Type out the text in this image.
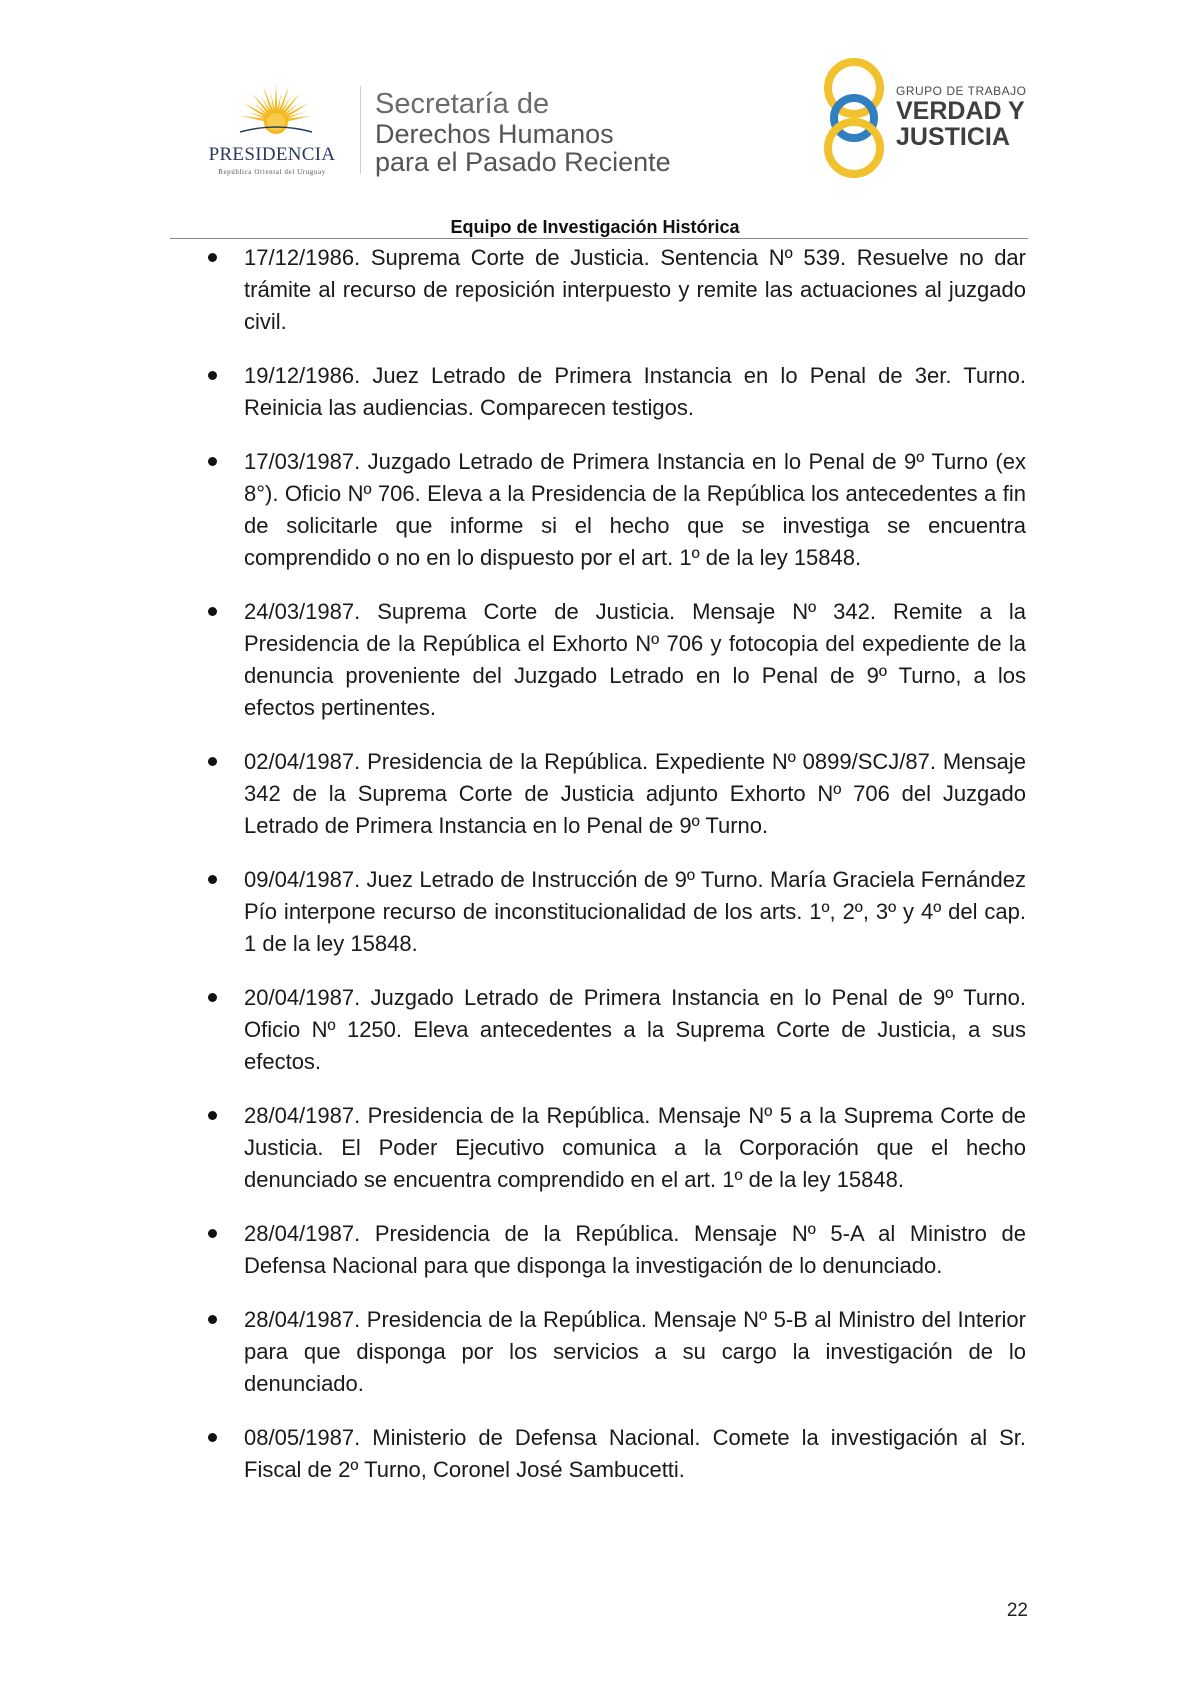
PRESIDENCIA
República Oriental del Uruguay
Secretaría de
Derechos Humanos
para el Pasado Reciente
GRUPO DE TRABAJO
VERDAD Y
JUSTICIA
Equipo de Investigación Histórica
17/12/1986. Suprema Corte de Justicia. Sentencia Nº 539. Resuelve no dar trámite al recurso de reposición interpuesto y remite las actuaciones al juzgado civil.
19/12/1986. Juez Letrado de Primera Instancia en lo Penal de 3er. Turno. Reinicia las audiencias. Comparecen testigos.
17/03/1987. Juzgado Letrado de Primera Instancia en lo Penal de 9º Turno (ex 8°). Oficio Nº 706. Eleva a la Presidencia de la República los antecedentes a fin de solicitarle que informe si el hecho que se investiga se encuentra comprendido o no en lo dispuesto por el art. 1º de la ley 15848.
24/03/1987. Suprema Corte de Justicia. Mensaje Nº 342. Remite a la Presidencia de la República el Exhorto Nº 706 y fotocopia del expediente de la denuncia proveniente del Juzgado Letrado en lo Penal de 9º Turno, a los efectos pertinentes.
02/04/1987. Presidencia de la República. Expediente Nº 0899/SCJ/87. Mensaje 342 de la Suprema Corte de Justicia adjunto Exhorto Nº 706 del Juzgado Letrado de Primera Instancia en lo Penal de 9º Turno.
09/04/1987. Juez Letrado de Instrucción de 9º Turno. María Graciela Fernández Pío interpone recurso de inconstitucionalidad de los arts. 1º, 2º, 3º y 4º del cap. 1 de la ley 15848.
20/04/1987. Juzgado Letrado de Primera Instancia en lo Penal de 9º Turno. Oficio Nº 1250. Eleva antecedentes a la Suprema Corte de Justicia, a sus efectos.
28/04/1987. Presidencia de la República. Mensaje Nº 5 a la Suprema Corte de Justicia. El Poder Ejecutivo comunica a la Corporación que el hecho denunciado se encuentra comprendido en el art. 1º de la ley 15848.
28/04/1987. Presidencia de la República. Mensaje Nº 5-A al Ministro de Defensa Nacional para que disponga la investigación de lo denunciado.
28/04/1987. Presidencia de la República. Mensaje Nº 5-B al Ministro del Interior para que disponga por los servicios a su cargo la investigación de lo denunciado.
08/05/1987. Ministerio de Defensa Nacional. Comete la investigación al Sr. Fiscal de 2º Turno, Coronel José Sambucetti.
22
